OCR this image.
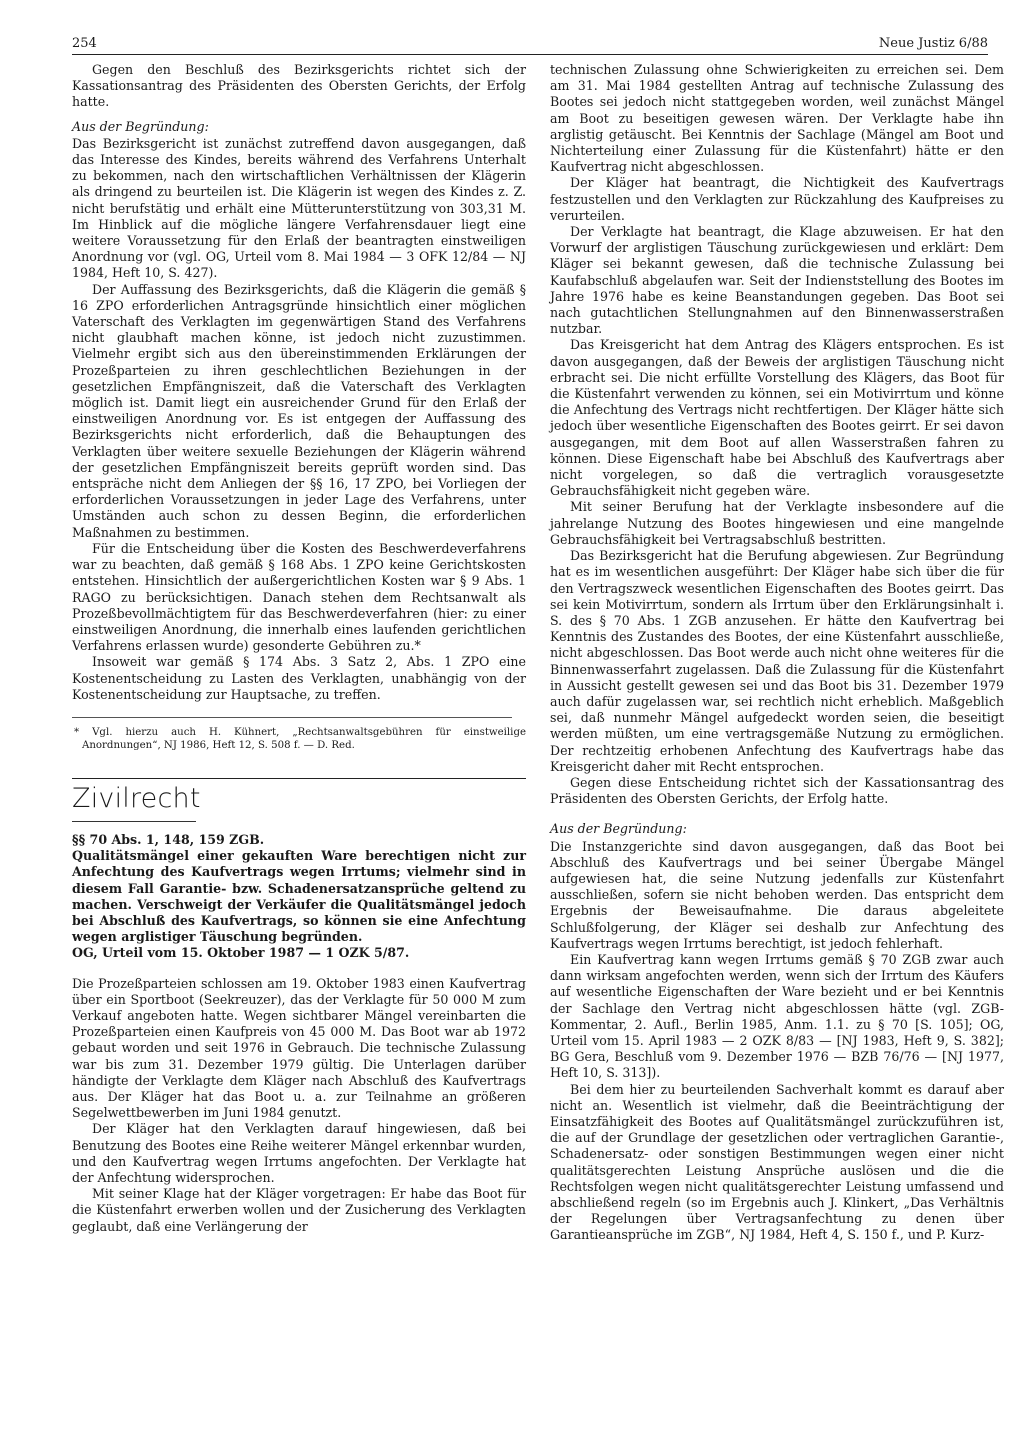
254	Neue Justiz 6/88

Gegen den Beschluß des Bezirksgerichts richtet sich der Kassationsantrag des Präsidenten des Obersten Gerichts, der Erfolg hatte.

Aus der Begründung:

Das Bezirksgericht ist zunächst zutreffend davon ausgegangen, daß das Interesse des Kindes, bereits während des Verfahrens Unterhalt zu bekommen, nach den wirtschaftlichen Verhältnissen der Klägerin als dringend zu beurteilen ist. Die Klägerin ist wegen des Kindes z. Z. nicht berufstätig und erhält eine Mütterunterstützung von 303,31 M. Im Hinblick auf die mögliche längere Verfahrensdauer liegt eine weitere Voraussetzung für den Erlaß der beantragten einstweiligen Anordnung vor (vgl. OG, Urteil vom 8. Mai 1984 — 3 OFK 12/84 — NJ 1984, Heft 10, S. 427).

Der Auffassung des Bezirksgerichts, daß die Klägerin die gemäß § 16 ZPO erforderlichen Antragsgründe hinsichtlich einer möglichen Vaterschaft des Verklagten im gegenwärtigen Stand des Verfahrens nicht glaubhaft machen könne, ist jedoch nicht zuzustimmen. Vielmehr ergibt sich aus den übereinstimmenden Erklärungen der Prozeßparteien zu ihren geschlechtlichen Beziehungen in der gesetzlichen Empfängniszeit, daß die Vaterschaft des Verklagten möglich ist. Damit liegt ein ausreichender Grund für den Erlaß der einstweiligen Anordnung vor. Es ist entgegen der Auffassung des Bezirksgerichts nicht erforderlich, daß die Behauptungen des Verklagten über weitere sexuelle Beziehungen der Klägerin während der gesetzlichen Empfängniszeit bereits geprüft worden sind. Das entspräche nicht dem Anliegen der §§ 16, 17 ZPO, bei Vorliegen der erforderlichen Voraussetzungen in jeder Lage des Verfahrens, unter Umständen auch schon zu dessen Beginn, die erforderlichen Maßnahmen zu bestimmen.

Für die Entscheidung über die Kosten des Beschwerdeverfahrens war zu beachten, daß gemäß § 168 Abs. 1 ZPO keine Gerichtskosten entstehen. Hinsichtlich der außergerichtlichen Kosten war § 9 Abs. 1 RAGO zu berücksichtigen. Danach stehen dem Rechtsanwalt als Prozeßbevollmächtigtem für das Beschwerdeverfahren (hier: zu einer einstweiligen Anordnung, die innerhalb eines laufenden gerichtlichen Verfahrens erlassen wurde) gesonderte Gebühren zu.*

Insoweit war gemäß § 174 Abs. 3 Satz 2, Abs. 1 ZPO eine Kostenentscheidung zu Lasten des Verklagten, unabhängig von der Kostenentscheidung zur Hauptsache, zu treffen.

* Vgl. hierzu auch H. Kühnert, „Rechtsanwaltsgebühren für einstweilige Anordnungen“, NJ 1986, Heft 12, S. 508 f. — D. Red.

Zivilrecht

§§ 70 Abs. 1, 148, 159 ZGB.

Qualitätsmängel einer gekauften Ware berechtigen nicht zur Anfechtung des Kaufvertrags wegen Irrtums; vielmehr sind in diesem Fall Garantie- bzw. Schadenersatzansprüche geltend zu machen. Verschweigt der Verkäufer die Qualitätsmängel jedoch bei Abschluß des Kaufvertrags, so können sie eine Anfechtung wegen arglistiger Täuschung begründen.

OG, Urteil vom 15. Oktober 1987 — 1 OZK 5/87.

Die Prozeßparteien schlossen am 19. Oktober 1983 einen Kaufvertrag über ein Sportboot (Seekreuzer), das der Verklagte für 50 000 M zum Verkauf angeboten hatte. Wegen sichtbarer Mängel vereinbarten die Prozeßparteien einen Kaufpreis von 45 000 M. Das Boot war ab 1972 gebaut worden und seit 1976 in Gebrauch. Die technische Zulassung war bis zum 31. Dezember 1979 gültig. Die Unterlagen darüber händigte der Verklagte dem Kläger nach Abschluß des Kaufvertrags aus. Der Kläger hat das Boot u. a. zur Teilnahme an größeren Segelwettbewerben im Juni 1984 genutzt.

Der Kläger hat den Verklagten darauf hingewiesen, daß bei Benutzung des Bootes eine Reihe weiterer Mängel erkennbar wurden, und den Kaufvertrag wegen Irrtums angefochten. Der Verklagte hat der Anfechtung widersprochen.

Mit seiner Klage hat der Kläger vorgetragen: Er habe das Boot für die Küstenfahrt erwerben wollen und der Zusicherung des Verklagten geglaubt, daß eine Verlängerung der

technischen Zulassung ohne Schwierigkeiten zu erreichen sei. Dem am 31. Mai 1984 gestellten Antrag auf technische Zulassung des Bootes sei jedoch nicht stattgegeben worden, weil zunächst Mängel am Boot zu beseitigen gewesen wären. Der Verklagte habe ihn arglistig getäuscht. Bei Kenntnis der Sachlage (Mängel am Boot und Nichterteilung einer Zulassung für die Küstenfahrt) hätte er den Kaufvertrag nicht abgeschlossen.

Der Kläger hat beantragt, die Nichtigkeit des Kaufvertrags festzustellen und den Verklagten zur Rückzahlung des Kaufpreises zu verurteilen.

Der Verklagte hat beantragt, die Klage abzuweisen. Er hat den Vorwurf der arglistigen Täuschung zurückgewiesen und erklärt: Dem Kläger sei bekannt gewesen, daß die technische Zulassung bei Kaufabschluß abgelaufen war. Seit der Indienststellung des Bootes im Jahre 1976 habe es keine Beanstandungen gegeben. Das Boot sei nach gutachtlichen Stellungnahmen auf den Binnenwasserstraßen nutzbar.

Das Kreisgericht hat dem Antrag des Klägers entsprochen. Es ist davon ausgegangen, daß der Beweis der arglistigen Täuschung nicht erbracht sei. Die nicht erfüllte Vorstellung des Klägers, das Boot für die Küstenfahrt verwenden zu können, sei ein Motivirrtum und könne die Anfechtung des Vertrags nicht rechtfertigen. Der Kläger hätte sich jedoch über wesentliche Eigenschaften des Bootes geirrt. Er sei davon ausgegangen, mit dem Boot auf allen Wasserstraßen fahren zu können. Diese Eigenschaft habe bei Abschluß des Kaufvertrags aber nicht vorgelegen, so daß die vertraglich vorausgesetzte Gebrauchsfähigkeit nicht gegeben wäre.

Mit seiner Berufung hat der Verklagte insbesondere auf die jahrelange Nutzung des Bootes hingewiesen und eine mangelnde Gebrauchsfähigkeit bei Vertragsabschluß bestritten.

Das Bezirksgericht hat die Berufung abgewiesen. Zur Begründung hat es im wesentlichen ausgeführt: Der Kläger habe sich über die für den Vertragszweck wesentlichen Eigenschaften des Bootes geirrt. Das sei kein Motivirrtum, sondern als Irrtum über den Erklärungsinhalt i. S. des § 70 Abs. 1 ZGB anzusehen. Er hätte den Kaufvertrag bei Kenntnis des Zustandes des Bootes, der eine Küstenfahrt ausschließe, nicht abgeschlossen. Das Boot werde auch nicht ohne weiteres für die Binnenwasserfahrt zugelassen. Daß die Zulassung für die Küstenfahrt in Aussicht gestellt gewesen sei und das Boot bis 31. Dezember 1979 auch dafür zugelassen war, sei rechtlich nicht erheblich. Maßgeblich sei, daß nunmehr Mängel aufgedeckt worden seien, die beseitigt werden müßten, um eine vertragsgemäße Nutzung zu ermöglichen. Der rechtzeitig erhobenen Anfechtung des Kaufvertrags habe das Kreisgericht daher mit Recht entsprochen.

Gegen diese Entscheidung richtet sich der Kassationsantrag des Präsidenten des Obersten Gerichts, der Erfolg hatte.

Aus der Begründung:

Die Instanzgerichte sind davon ausgegangen, daß das Boot bei Abschluß des Kaufvertrags und bei seiner Übergabe Mängel aufgewiesen hat, die seine Nutzung jedenfalls zur Küstenfahrt ausschließen, sofern sie nicht behoben werden. Das entspricht dem Ergebnis der Beweisaufnahme. Die daraus abgeleitete Schlußfolgerung, der Kläger sei deshalb zur Anfechtung des Kaufvertrags wegen Irrtums berechtigt, ist jedoch fehlerhaft.

Ein Kaufvertrag kann wegen Irrtums gemäß § 70 ZGB zwar auch dann wirksam angefochten werden, wenn sich der Irrtum des Käufers auf wesentliche Eigenschaften der Ware bezieht und er bei Kenntnis der Sachlage den Vertrag nicht abgeschlossen hätte (vgl. ZGB-Kommentar, 2. Aufl., Berlin 1985, Anm. 1.1. zu § 70 [S. 105]; OG, Urteil vom 15. April 1983 — 2 OZK 8/83 — [NJ 1983, Heft 9, S. 382]; BG Gera, Beschluß vom 9. Dezember 1976 — BZB 76/76 — [NJ 1977, Heft 10, S. 313]).

Bei dem hier zu beurteilenden Sachverhalt kommt es darauf aber nicht an. Wesentlich ist vielmehr, daß die Beeinträchtigung der Einsatzfähigkeit des Bootes auf Qualitätsmängel zurückzuführen ist, die auf der Grundlage der gesetzlichen oder vertraglichen Garantie-, Schadenersatz- oder sonstigen Bestimmungen wegen einer nicht qualitätsgerechten Leistung Ansprüche auslösen und die die Rechtsfolgen wegen nicht qualitätsgerechter Leistung umfassend und abschließend regeln (so im Ergebnis auch J. Klinkert, „Das Verhältnis der Regelungen über Vertragsanfechtung zu denen über Garantieansprüche im ZGB“, NJ 1984, Heft 4, S. 150 f., und P. Kurz-
